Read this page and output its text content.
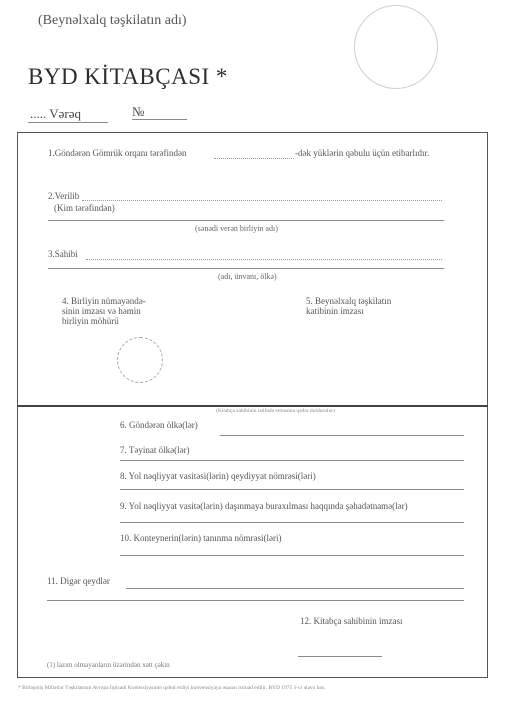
(Beynəlxalq təşkilatın adı)
BYD KİTABÇASI *
..... Vərəq	№
1.Göndərən Gömrük orqanı tərəfindən	-dək yüklərin qəbulu üçün etibarlıdır.
2.Verilib
(Kim tərəfindən)
(sənədi verən birliyin adı)
3.Sahibi
(adı, ünvanı, ölkə)
4. Birliyin nümayəndə-
sinin imzası və həmin
birliyin möhürü
5. Beynəlxalq təşkilatın
katibinin imzası
(Kitabça sahibinin istifadə etməsinə qədər doldurulur)
6. Göndərən ölkə(lər)
7. Təyinat ölkə(lər)
8. Yol nəqliyyat vasitəsi(lərin) qeydiyyat nömrəsi(ləri)
9. Yol nəqliyyat vasitə(lərin) daşınmaya buraxılması haqqında şəhadətnamə(lər)
10. Konteynerin(lərin) tanınma nömrəsi(ləri)
11. Digər qeydlər
12. Kitabça sahibinin imzası
(1) lazım olmayanların üzərindən xətt çəkin
* Birləşmiş Millətlər Təşkilatının Avropa İqtisadi Komissiyasının qəbul etdiyi konvensiyaya əsasən istinad edilir. BYD 1975 1-ci əlavə bax.
